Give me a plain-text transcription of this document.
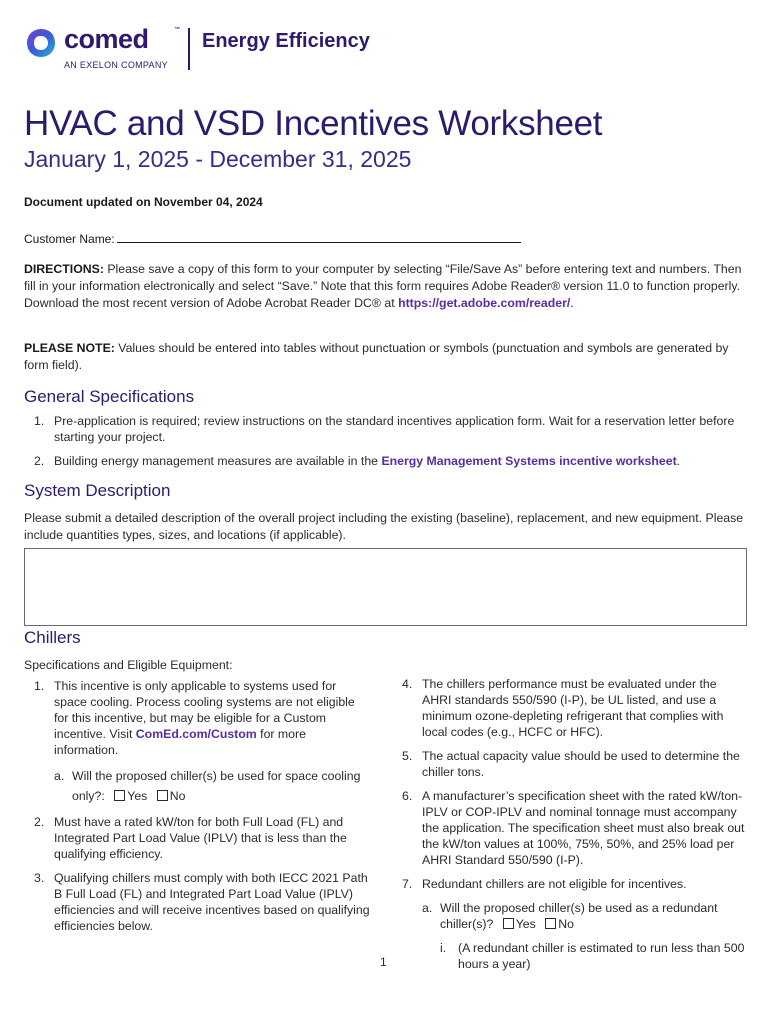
comed	℠
AN EXELON COMPANY
Energy Efficiency
HVAC and VSD Incentives Worksheet
January 1, 2025 - December 31, 2025
Document updated on November 04, 2024
Customer Name:
DIRECTIONS: Please save a copy of this form to your computer by selecting “File/Save As” before entering text and numbers. Then fill in your information electronically and select “Save.” Note that this form requires Adobe Reader® version 11.0 to function properly. Download the most recent version of Adobe Acrobat Reader DC® at https://get.adobe.com/reader/.
PLEASE NOTE: Values should be entered into tables without punctuation or symbols (punctuation and symbols are generated by form field).
General Specifications
1. Pre-application is required; review instructions on the standard incentives application form. Wait for a reservation letter before starting your project.
2. Building energy management measures are available in the Energy Management Systems incentive worksheet.
System Description
Please submit a detailed description of the overall project including the existing (baseline), replacement, and new equipment. Please include quantities types, sizes, and locations (if applicable).
Chillers
Specifications and Eligible Equipment:
1. This incentive is only applicable to systems used for space cooling. Process cooling systems are not eligible for this incentive, but may be eligible for a Custom incentive. Visit ComEd.com/Custom for more information.
a. Will the proposed chiller(s) be used for space cooling only?: Yes No
2. Must have a rated kW/ton for both Full Load (FL) and Integrated Part Load Value (IPLV) that is less than the qualifying efficiency.
3. Qualifying chillers must comply with both IECC 2021 Path B Full Load (FL) and Integrated Part Load Value (IPLV) efficiencies and will receive incentives based on qualifying efficiencies below.
4. The chillers performance must be evaluated under the AHRI standards 550/590 (I-P), be UL listed, and use a minimum ozone-depleting refrigerant that complies with local codes (e.g., HCFC or HFC).
5. The actual capacity value should be used to determine the chiller tons.
6. A manufacturer’s specification sheet with the rated kW/ton-IPLV or COP-IPLV and nominal tonnage must accompany the application. The specification sheet must also break out the kW/ton values at 100%, 75%, 50%, and 25% load per AHRI Standard 550/590 (I-P).
7. Redundant chillers are not eligible for incentives.
a. Will the proposed chiller(s) be used as a redundant chiller(s)? Yes No
i. (A redundant chiller is estimated to run less than 500 hours a year)
1
